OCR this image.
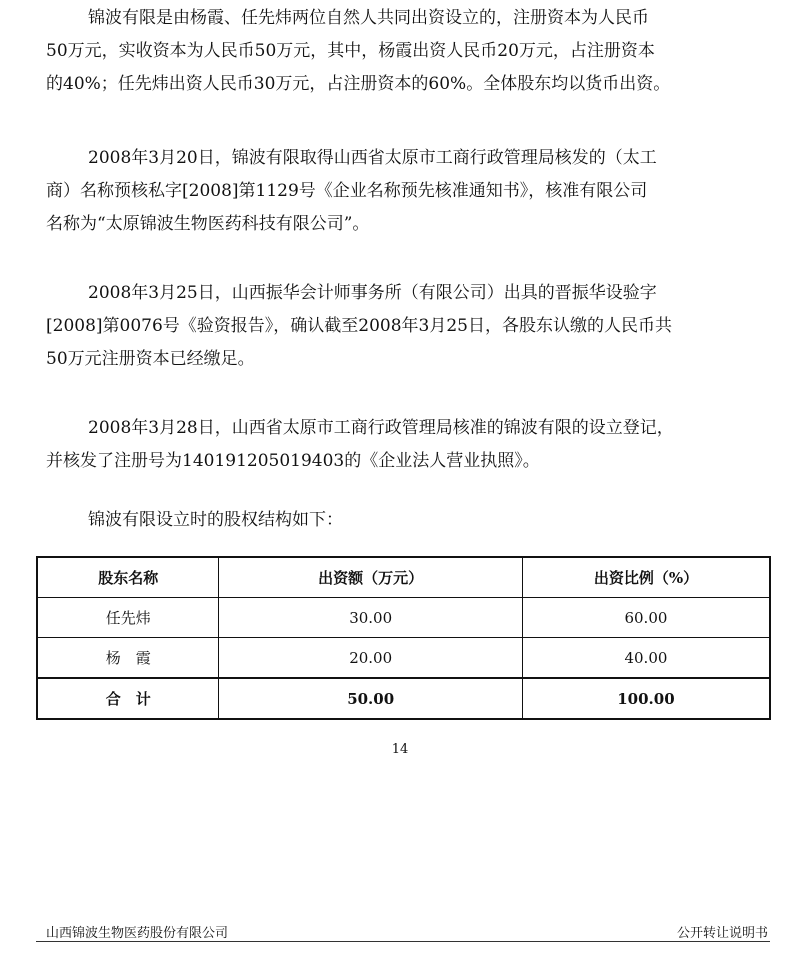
锦波有限是由杨霞、任先炜两位自然人共同出资设立的，注册资本为人民币
50万元，实收资本为人民币50万元，其中，杨霞出资人民币20万元，占注册资本
的40%；任先炜出资人民币30万元，占注册资本的60%。全体股东均以货币出资。
2008年3月20日，锦波有限取得山西省太原市工商行政管理局核发的（太工
商）名称预核私字[2008]第1129号《企业名称预先核准通知书》，核准有限公司
名称为“太原锦波生物医药科技有限公司”。
2008年3月25日，山西振华会计师事务所（有限公司）出具的晋振华设验字
[2008]第0076号《验资报告》，确认截至2008年3月25日，各股东认缴的人民币共
50万元注册资本已经缴足。
2008年3月28日，山西省太原市工商行政管理局核准的锦波有限的设立登记，
并核发了注册号为140191205019403的《企业法人营业执照》。
锦波有限设立时的股权结构如下：
股东名称	出资额（万元）	出资比例（%）
任先炜	30.00	60.00
杨　霞	20.00	40.00
合　计	50.00	100.00
14
山西锦波生物医药股份有限公司	公开转让说明书
